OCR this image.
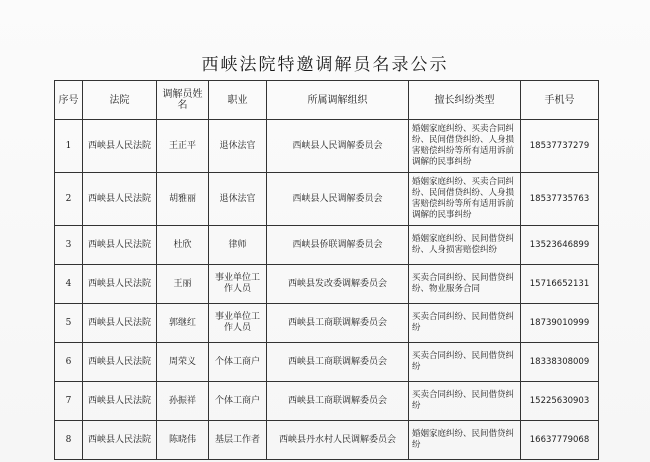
西峡法院特邀调解员名录公示
序号	法院	调解员姓名	职业	所属调解组织	擅长纠纷类型	手机号
1	西峡县人民法院	王正平	退休法官	西峡县人民调解委员会	婚姻家庭纠纷、买卖合同纠纷、民间借贷纠纷、人身损害赔偿纠纷等所有适用诉前调解的民事纠纷	18537737279
2	西峡县人民法院	胡雅丽	退休法官	西峡县人民调解委员会	婚姻家庭纠纷、买卖合同纠纷、民间借贷纠纷、人身损害赔偿纠纷等所有适用诉前调解的民事纠纷	18537735763
3	西峡县人民法院	杜欣	律师	西峡县侨联调解委员会	婚姻家庭纠纷、民间借贷纠纷、人身损害赔偿纠纷	13523646899
4	西峡县人民法院	王丽	事业单位工作人员	西峡县发改委调解委员会	买卖合同纠纷、民间借贷纠纷、物业服务合同	15716652131
5	西峡县人民法院	郭继红	事业单位工作人员	西峡县工商联调解委员会	买卖合同纠纷、民间借贷纠纷	18739010999
6	西峡县人民法院	周荣义	个体工商户	西峡县工商联调解委员会	买卖合同纠纷、民间借贷纠纷	18338308009
7	西峡县人民法院	孙振祥	个体工商户	西峡县工商联调解委员会	买卖合同纠纷、民间借贷纠纷	15225630903
8	西峡县人民法院	陈晓伟	基层工作者	西峡县丹水村人民调解委员会	婚姻家庭纠纷、民间借贷纠纷	16637779068
